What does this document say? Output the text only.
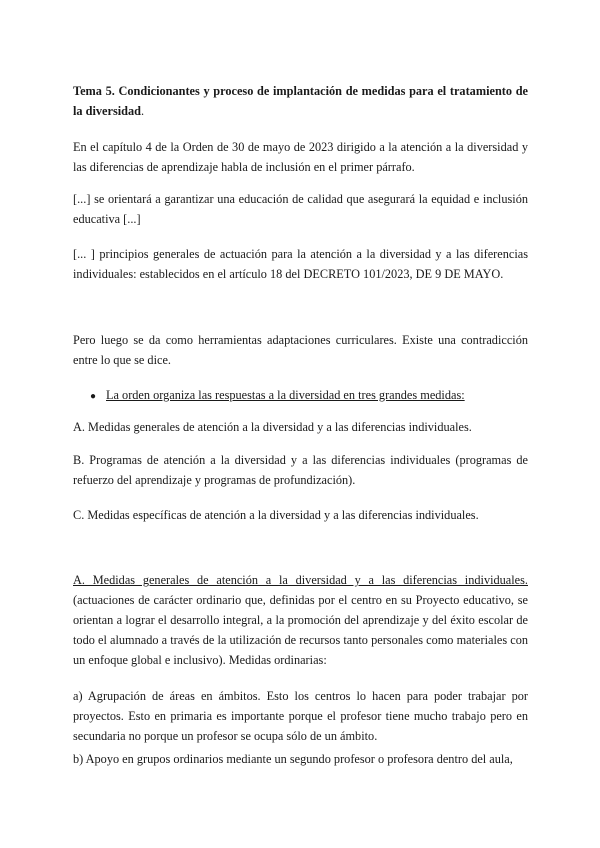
Tema 5. Condicionantes y proceso de implantación de medidas para el tratamiento de la diversidad.

En el capítulo 4 de la Orden de 30 de mayo de 2023 dirigido a la atención a la diversidad y las diferencias de aprendizaje habla de inclusión en el primer párrafo.

[...] se orientará a garantizar una educación de calidad que asegurará la equidad e inclusión educativa [...]

[... ] principios generales de actuación para la atención a la diversidad y a las diferencias individuales: establecidos en el artículo 18 del DECRETO 101/2023, DE 9 DE MAYO.

Pero luego se da como herramientas adaptaciones curriculares. Existe una contradicción entre lo que se dice.

● La orden organiza las respuestas a la diversidad en tres grandes medidas:

A. Medidas generales de atención a la diversidad y a las diferencias individuales.

B. Programas de atención a la diversidad y a las diferencias individuales (programas de refuerzo del aprendizaje y programas de profundización).

C. Medidas específicas de atención a la diversidad y a las diferencias individuales.

A. Medidas generales de atención a la diversidad y a las diferencias individuales. (actuaciones de carácter ordinario que, definidas por el centro en su Proyecto educativo, se orientan a lograr el desarrollo integral, a la promoción del aprendizaje y del éxito escolar de todo el alumnado a través de la utilización de recursos tanto personales como materiales con un enfoque global e inclusivo). Medidas ordinarias:

a) Agrupación de áreas en ámbitos. Esto los centros lo hacen para poder trabajar por proyectos. Esto en primaria es importante porque el profesor tiene mucho trabajo pero en secundaria no porque un profesor se ocupa sólo de un ámbito.

b) Apoyo en grupos ordinarios mediante un segundo profesor o profesora dentro del aula,
